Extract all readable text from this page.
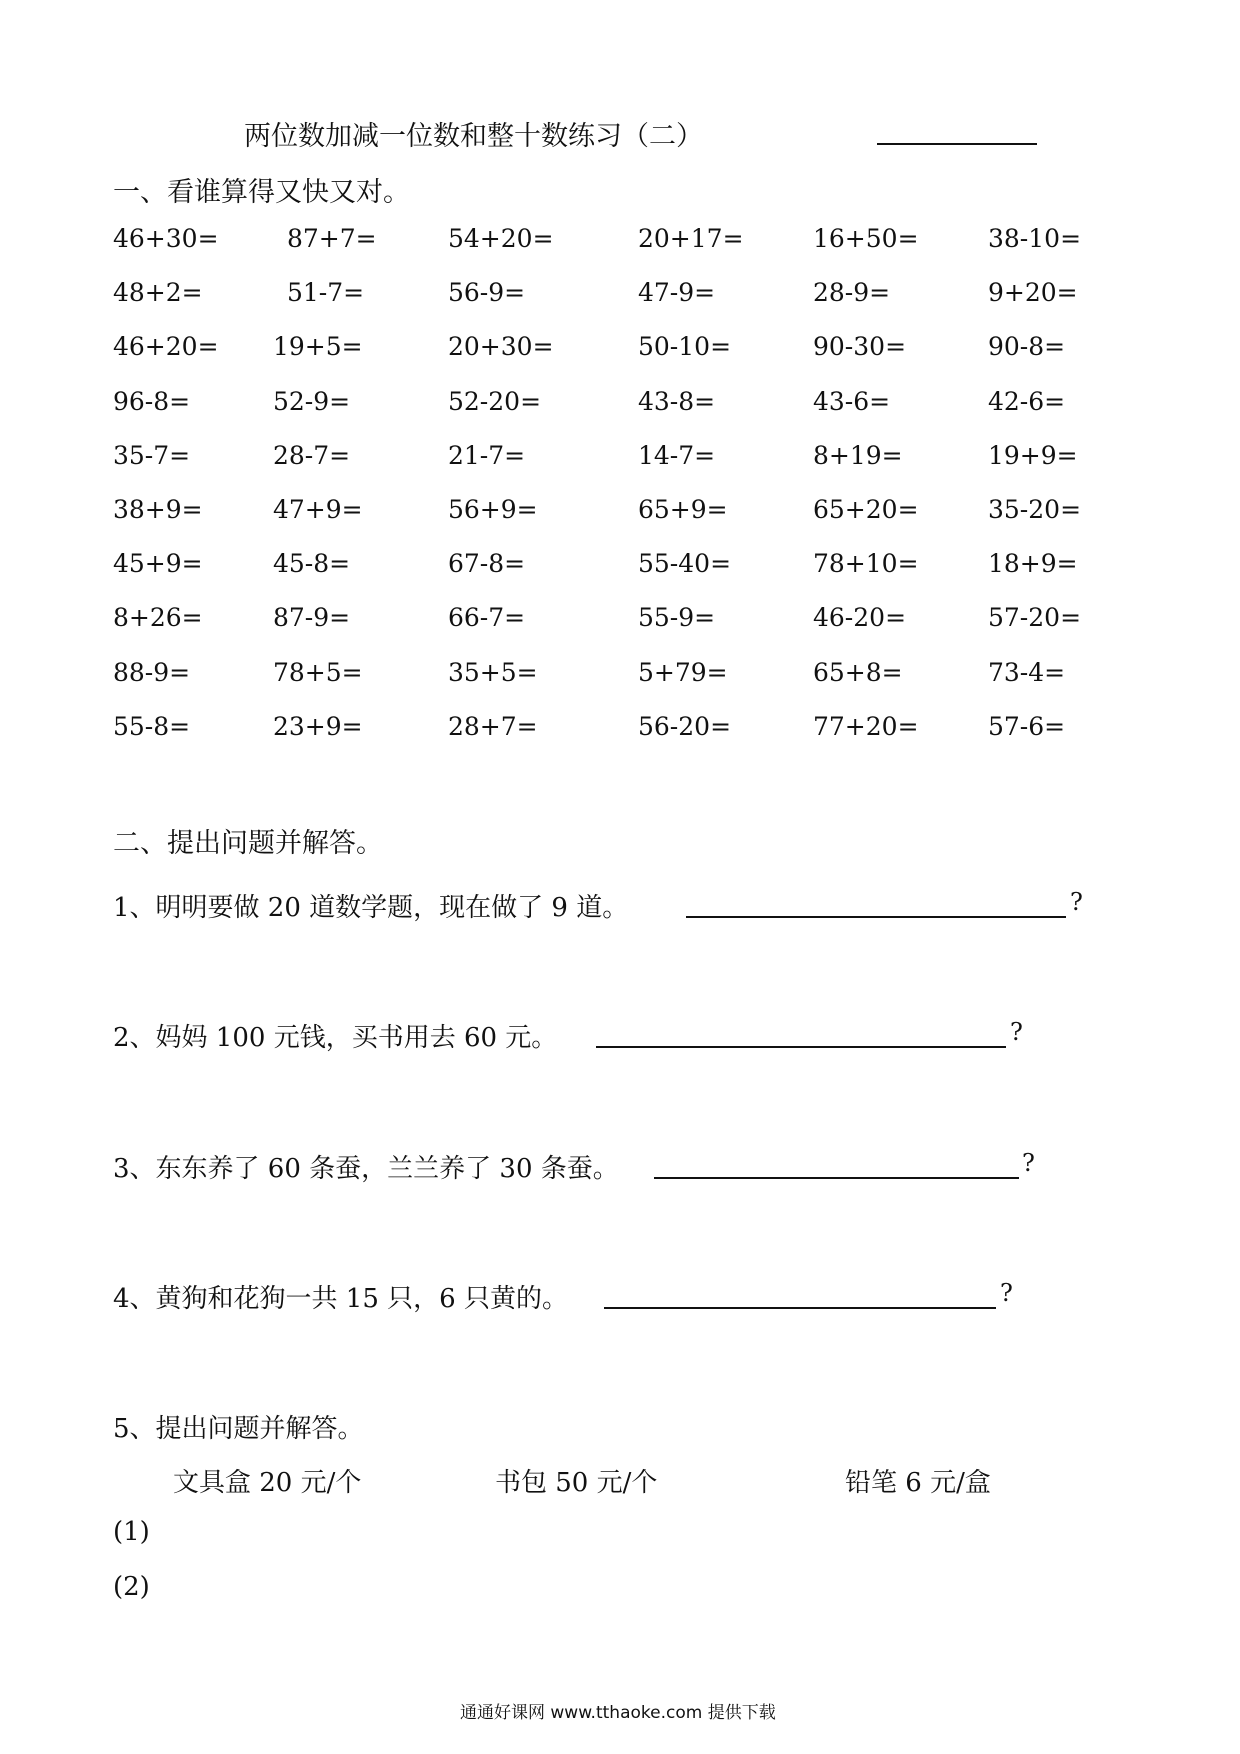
两位数加减一位数和整十数练习（二）
一、看谁算得又快又对。
46+30=	87+7=	54+20=	20+17=	16+50=	38-10=
48+2=	51-7=	56-9=	47-9=	28-9=	9+20=
46+20= 19+5=	20+30=	50-10=	90-30=	90-8=
96-8=	52-9=	52-20=	43-8=	43-6=	42-6=
35-7=	28-7=	21-7=	14-7=	8+19=	19+9=
38+9=	47+9=	56+9=	65+9=	65+20=	35-20=
45+9=	45-8=	67-8=	55-40=	78+10=	18+9=
8+26=	87-9=	66-7=	55-9=	46-20=	57-20=
88-9=	78+5=	35+5=	5+79=	65+8=	73-4=
55-8=	23+9=	28+7=	56-20=	77+20=	57-6=
二、提出问题并解答。
1、明明要做 20 道数学题，现在做了 9 道。	?
2、妈妈 100 元钱，买书用去 60 元。	?
3、东东养了 60 条蚕，兰兰养了 30 条蚕。	?
4、黄狗和花狗一共 15 只，6 只黄的。	?
5、提出问题并解答。
文具盒 20 元/个	书包 50 元/个	铅笔 6 元/盒
(1)
(2)
通通好课网 www.tthaoke.com 提供下载
